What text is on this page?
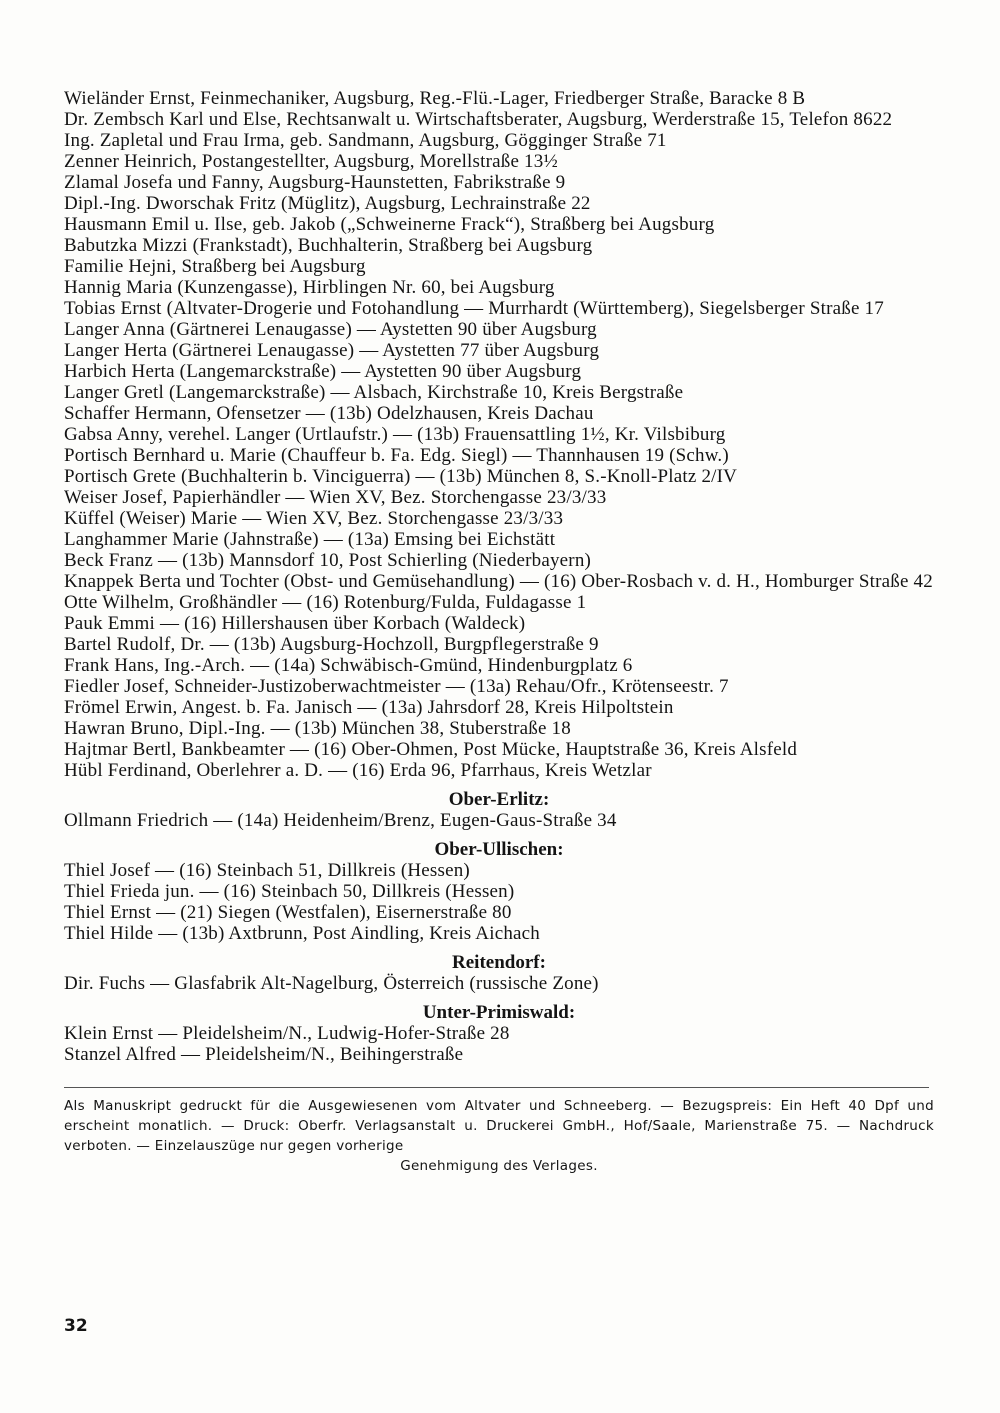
Wieländer Ernst, Feinmechaniker, Augsburg, Reg.-Flü.-Lager, Friedberger Straße, Baracke 8 B
Dr. Zembsch Karl und Else, Rechtsanwalt u. Wirtschaftsberater, Augsburg, Werderstraße 15, Telefon 8622
Ing. Zapletal und Frau Irma, geb. Sandmann, Augsburg, Gögginger Straße 71
Zenner Heinrich, Postangestellter, Augsburg, Morellstraße 13½
Zlamal Josefa und Fanny, Augsburg-Haunstetten, Fabrikstraße 9
Dipl.-Ing. Dworschak Fritz (Müglitz), Augsburg, Lechrainstraße 22
Hausmann Emil u. Ilse, geb. Jakob („Schweinerne Frack“), Straßberg bei Augsburg
Babutzka Mizzi (Frankstadt), Buchhalterin, Straßberg bei Augsburg
Familie Hejni, Straßberg bei Augsburg
Hannig Maria (Kunzengasse), Hirblingen Nr. 60, bei Augsburg
Tobias Ernst (Altvater-Drogerie und Fotohandlung — Murrhardt (Württemberg), Siegelsberger Straße 17
Langer Anna (Gärtnerei Lenaugasse) — Aystetten 90 über Augsburg
Langer Herta (Gärtnerei Lenaugasse) — Aystetten 77 über Augsburg
Harbich Herta (Langemarckstraße) — Aystetten 90 über Augsburg
Langer Gretl (Langemarckstraße) — Alsbach, Kirchstraße 10, Kreis Bergstraße
Schaffer Hermann, Ofensetzer — (13b) Odelzhausen, Kreis Dachau
Gabsa Anny, verehel. Langer (Urtlaufstr.) — (13b) Frauensattling 1½, Kr. Vilsbiburg
Portisch Bernhard u. Marie (Chauffeur b. Fa. Edg. Siegl) — Thannhausen 19 (Schw.)
Portisch Grete (Buchhalterin b. Vinciguerra) — (13b) München 8, S.-Knoll-Platz 2/IV
Weiser Josef, Papierhändler — Wien XV, Bez. Storchengasse 23/3/33
Küffel (Weiser) Marie — Wien XV, Bez. Storchengasse 23/3/33
Langhammer Marie (Jahnstraße) — (13a) Emsing bei Eichstätt
Beck Franz — (13b) Mannsdorf 10, Post Schierling (Niederbayern)
Knappek Berta und Tochter (Obst- und Gemüsehandlung) — (16) Ober-Rosbach v. d. H., Homburger Straße 42
Otte Wilhelm, Großhändler — (16) Rotenburg/Fulda, Fuldagasse 1
Pauk Emmi — (16) Hillershausen über Korbach (Waldeck)
Bartel Rudolf, Dr. — (13b) Augsburg-Hochzoll, Burgpflegerstraße 9
Frank Hans, Ing.-Arch. — (14a) Schwäbisch-Gmünd, Hindenburgplatz 6
Fiedler Josef, Schneider-Justizoberwachtmeister — (13a) Rehau/Ofr., Krötenseestr. 7
Frömel Erwin, Angest. b. Fa. Janisch — (13a) Jahrsdorf 28, Kreis Hilpoltstein
Hawran Bruno, Dipl.-Ing. — (13b) München 38, Stuberstraße 18
Hajtmar Bertl, Bankbeamter — (16) Ober-Ohmen, Post Mücke, Hauptstraße 36, Kreis Alsfeld
Hübl Ferdinand, Oberlehrer a. D. — (16) Erda 96, Pfarrhaus, Kreis Wetzlar
Ober-Erlitz:
Ollmann Friedrich — (14a) Heidenheim/Brenz, Eugen-Gaus-Straße 34
Ober-Ullischen:
Thiel Josef — (16) Steinbach 51, Dillkreis (Hessen)
Thiel Frieda jun. — (16) Steinbach 50, Dillkreis (Hessen)
Thiel Ernst — (21) Siegen (Westfalen), Eisernerstraße 80
Thiel Hilde — (13b) Axtbrunn, Post Aindling, Kreis Aichach
Reitendorf:
Dir. Fuchs — Glasfabrik Alt-Nagelburg, Österreich (russische Zone)
Unter-Primiswald:
Klein Ernst — Pleidelsheim/N., Ludwig-Hofer-Straße 28
Stanzel Alfred — Pleidelsheim/N., Beihingerstraße
Als Manuskript gedruckt für die Ausgewiesenen vom Altvater und Schneeberg. — Bezugspreis: Ein Heft 40 Dpf und erscheint monatlich. — Druck: Oberfr. Verlagsanstalt u. Druckerei GmbH., Hof/Saale, Marienstraße 75. — Nachdruck verboten. — Einzelauszüge nur gegen vorherige
Genehmigung des Verlages.
32
